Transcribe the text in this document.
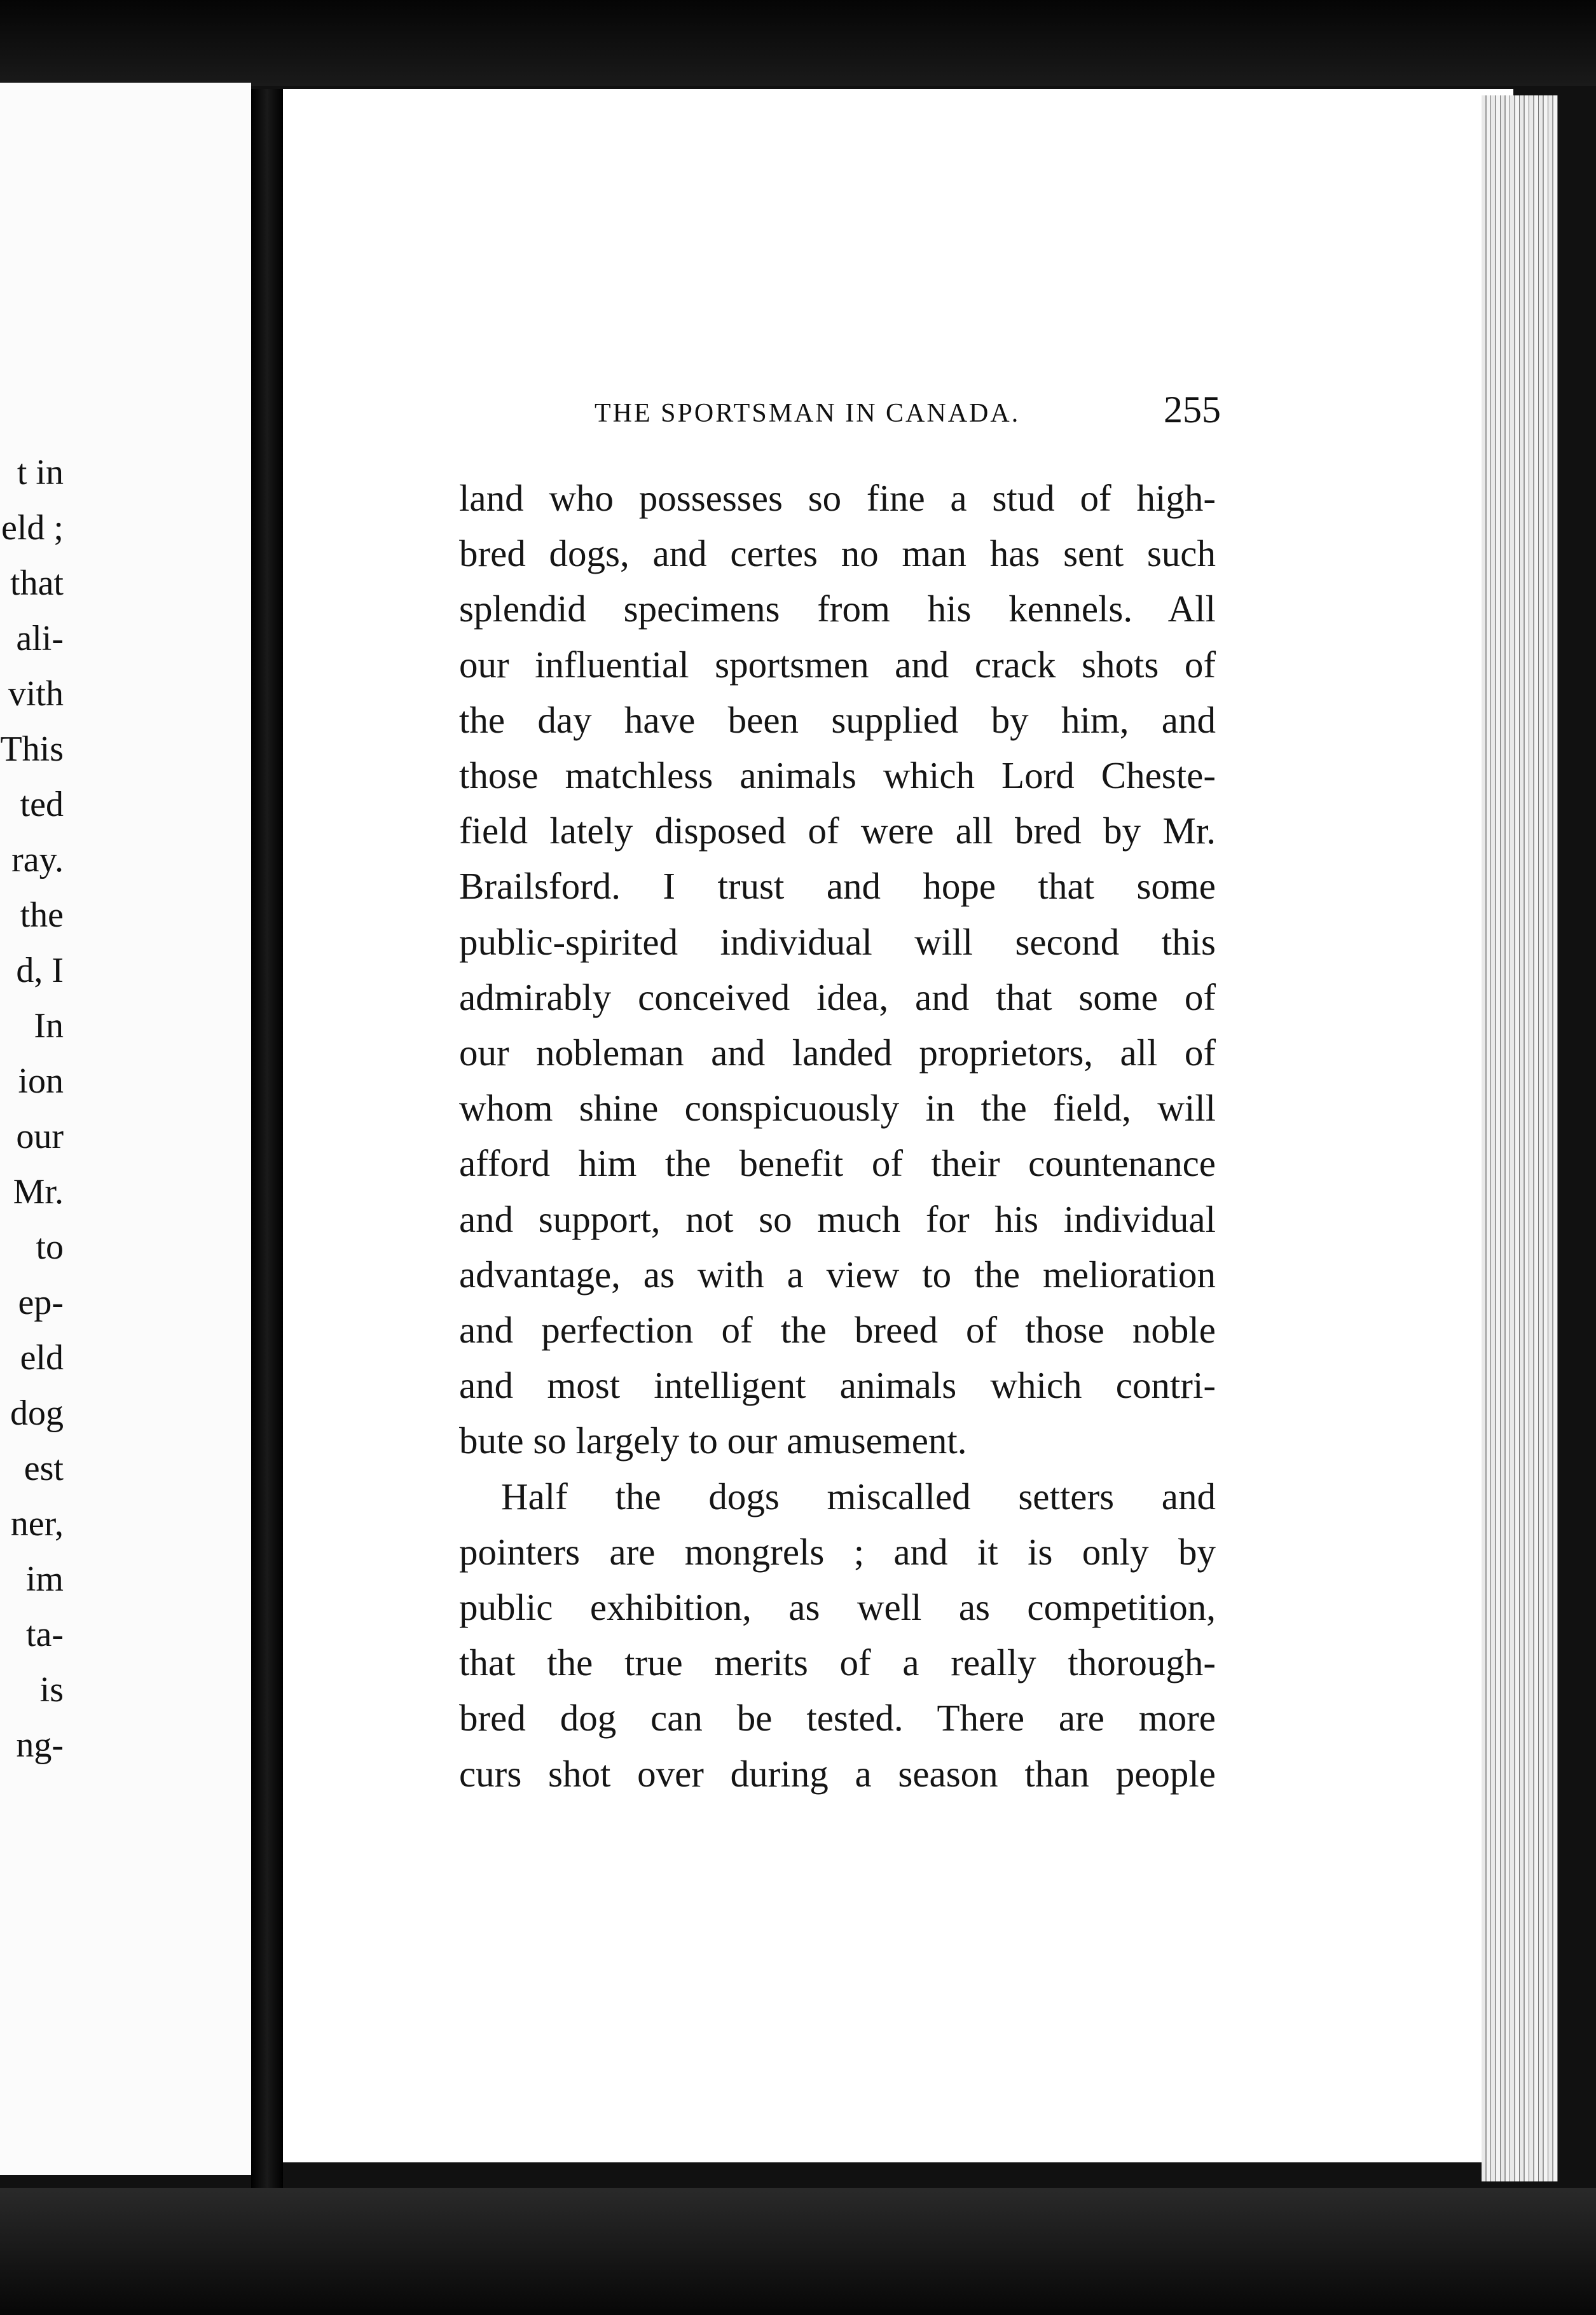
t in
eld ;
that
ali-
vith
This
ted
ray.
the
d, I
In
ion
our
Mr.
to
ep-
eld
dog
est
ner,
im
ta-
is
ng-
THE SPORTSMAN IN CANADA.	255
land who possesses so fine a stud of high-
bred dogs, and certes no man has sent such
splendid specimens from his kennels. All
our influential sportsmen and crack shots of
the day have been supplied by him, and
those matchless animals which Lord Cheste-
field lately disposed of were all bred by Mr.
Brailsford. I trust and hope that some
public-spirited individual will second this
admirably conceived idea, and that some of
our nobleman and landed proprietors, all of
whom shine conspicuously in the field, will
afford him the benefit of their countenance
and support, not so much for his individual
advantage, as with a view to the melioration
and perfection of the breed of those noble
and most intelligent animals which contri-
bute so largely to our amusement.
Half the dogs miscalled setters and
pointers are mongrels ; and it is only by
public exhibition, as well as competition,
that the true merits of a really thorough-
bred dog can be tested. There are more
curs shot over during a season than people
